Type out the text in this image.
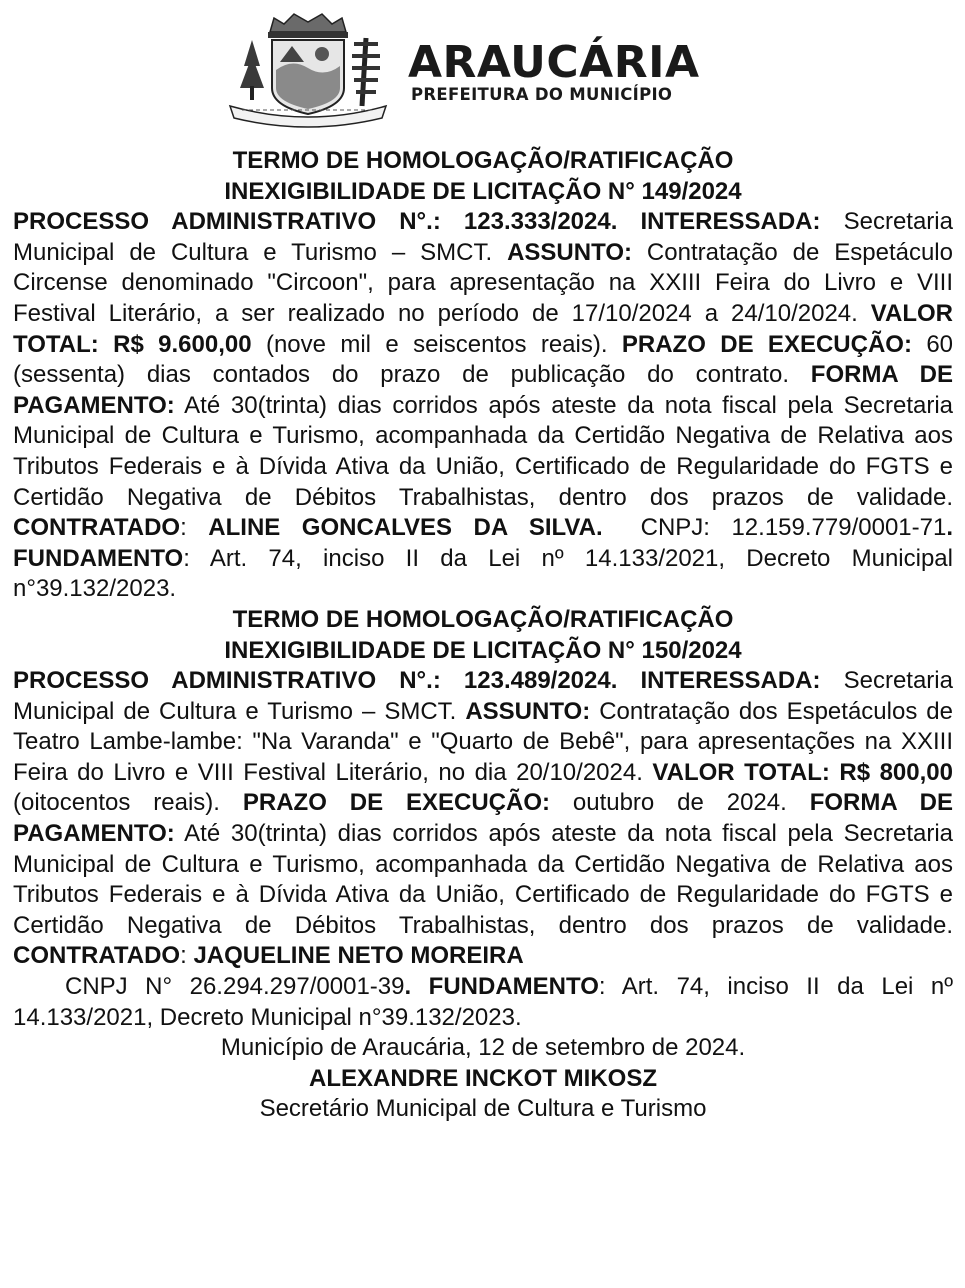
ARAUCÁRIA
PREFEITURA DO MUNICÍPIO

TERMO DE HOMOLOGAÇÃO/RATIFICAÇÃO

INEXIGIBILIDADE DE LICITAÇÃO N° 149/2024

PROCESSO ADMINISTRATIVO N°.: 123.333/2024. INTERESSADA: Secretaria Municipal de Cultura e Turismo – SMCT. ASSUNTO: Contratação de Espetáculo Circense denominado "Circoon", para apresentação na XXIII Feira do Livro e VIII Festival Literário, a ser realizado no período de 17/10/2024 a 24/10/2024. VALOR TOTAL: R$ 9.600,00 (nove mil e seiscentos reais). PRAZO DE EXECUÇÃO: 60 (sessenta) dias contados do prazo de publicação do contrato. FORMA DE PAGAMENTO: Até 30(trinta) dias corridos após ateste da nota fiscal pela Secretaria Municipal de Cultura e Turismo, acompanhada da Certidão Negativa de Relativa aos Tributos Federais e à Dívida Ativa da União, Certificado de Regularidade do FGTS e Certidão Negativa de Débitos Trabalhistas, dentro dos prazos de validade. CONTRATADO: ALINE GONCALVES DA SILVA. CNPJ: 12.159.779/0001-71. FUNDAMENTO: Art. 74, inciso II da Lei nº 14.133/2021, Decreto Municipal n°39.132/2023.

TERMO DE HOMOLOGAÇÃO/RATIFICAÇÃO

INEXIGIBILIDADE DE LICITAÇÃO N° 150/2024

PROCESSO ADMINISTRATIVO N°.: 123.489/2024. INTERESSADA: Secretaria Municipal de Cultura e Turismo – SMCT. ASSUNTO: Contratação dos Espetáculos de Teatro Lambe-lambe: "Na Varanda" e "Quarto de Bebê", para apresentações na XXIII Feira do Livro e VIII Festival Literário, no dia 20/10/2024. VALOR TOTAL: R$ 800,00 (oitocentos reais). PRAZO DE EXECUÇÃO: outubro de 2024. FORMA DE PAGAMENTO: Até 30(trinta) dias corridos após ateste da nota fiscal pela Secretaria Municipal de Cultura e Turismo, acompanhada da Certidão Negativa de Relativa aos Tributos Federais e à Dívida Ativa da União, Certificado de Regularidade do FGTS e Certidão Negativa de Débitos Trabalhistas, dentro dos prazos de validade. CONTRATADO: JAQUELINE NETO MOREIRA
CNPJ N° 26.294.297/0001-39. FUNDAMENTO: Art. 74, inciso II da Lei nº 14.133/2021, Decreto Municipal n°39.132/2023.

Município de Araucária, 12 de setembro de 2024.

ALEXANDRE INCKOT MIKOSZ

Secretário Municipal de Cultura e Turismo
